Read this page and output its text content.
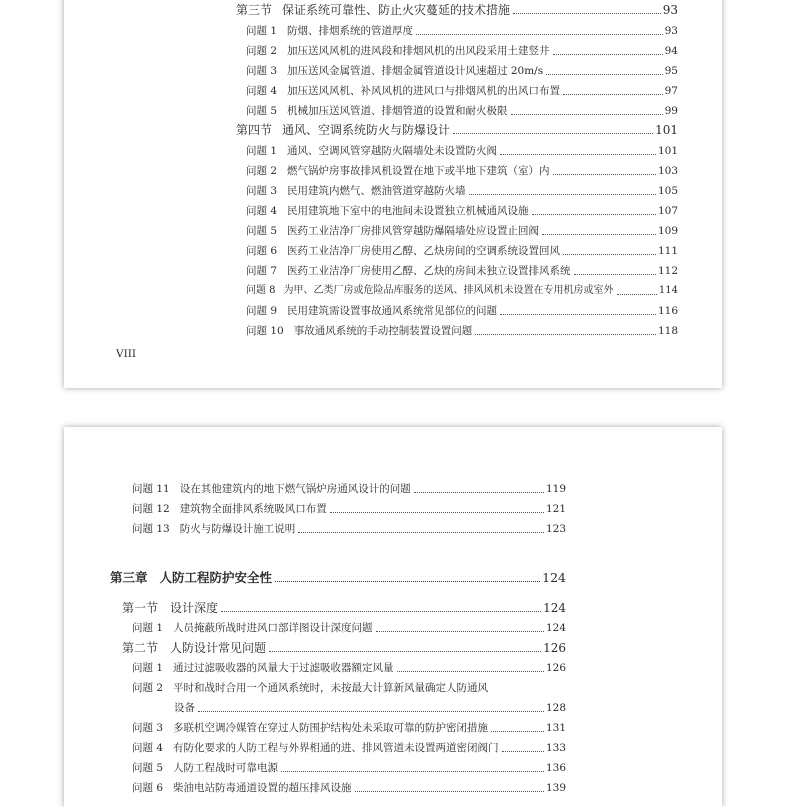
第三节 保证系统可靠性、防止火灾蔓延的技术措施	93
问题 1 防烟、排烟系统的管道厚度	93
问题 2 加压送风风机的进风段和排烟风机的出风段采用土建竖井	94
问题 3 加压送风金属管道、排烟金属管道设计风速超过 20m/s	95
问题 4 加压送风风机、补风风机的进风口与排烟风机的出风口布置	97
问题 5 机械加压送风管道、排烟管道的设置和耐火极限	99
第四节 通风、空调系统防火与防爆设计	101
问题 1 通风、空调风管穿越防火隔墙处未设置防火阀	101
问题 2 燃气锅炉房事故排风机设置在地下或半地下建筑（室）内	103
问题 3 民用建筑内燃气、燃油管道穿越防火墙	105
问题 4 民用建筑地下室中的电池间未设置独立机械通风设施	107
问题 5 医药工业洁净厂房排风管穿越防爆隔墙处应设置止回阀	109
问题 6 医药工业洁净厂房使用乙醇、乙炔房间的空调系统设置回风	111
问题 7 医药工业洁净厂房使用乙醇、乙炔的房间未独立设置排风系统	112
问题 8 为甲、乙类厂房或危险品库服务的送风、排风风机未设置在专用机房或室外	114
问题 9 民用建筑需设置事故通风系统常见部位的问题	116
问题 10 事故通风系统的手动控制装置设置问题	118
VIII
问题 11 设在其他建筑内的地下燃气锅炉房通风设计的问题	119
问题 12 建筑物全面排风系统吸风口布置	121
问题 13 防火与防爆设计施工说明	123
第三章 人防工程防护安全性	124
第一节 设计深度	124
问题 1 人员掩蔽所战时进风口部详图设计深度问题	124
第二节 人防设计常见问题	126
问题 1 通过过滤吸收器的风量大于过滤吸收器额定风量	126
问题 2 平时和战时合用一个通风系统时，未按最大计算新风量确定人防通风
设备	128
问题 3 多联机空调冷媒管在穿过人防围护结构处未采取可靠的防护密闭措施	131
问题 4 有防化要求的人防工程与外界相通的进、排风管道未设置两道密闭阀门	133
问题 5 人防工程战时可靠电源	136
问题 6 柴油电站防毒通道设置的超压排风设施	139
